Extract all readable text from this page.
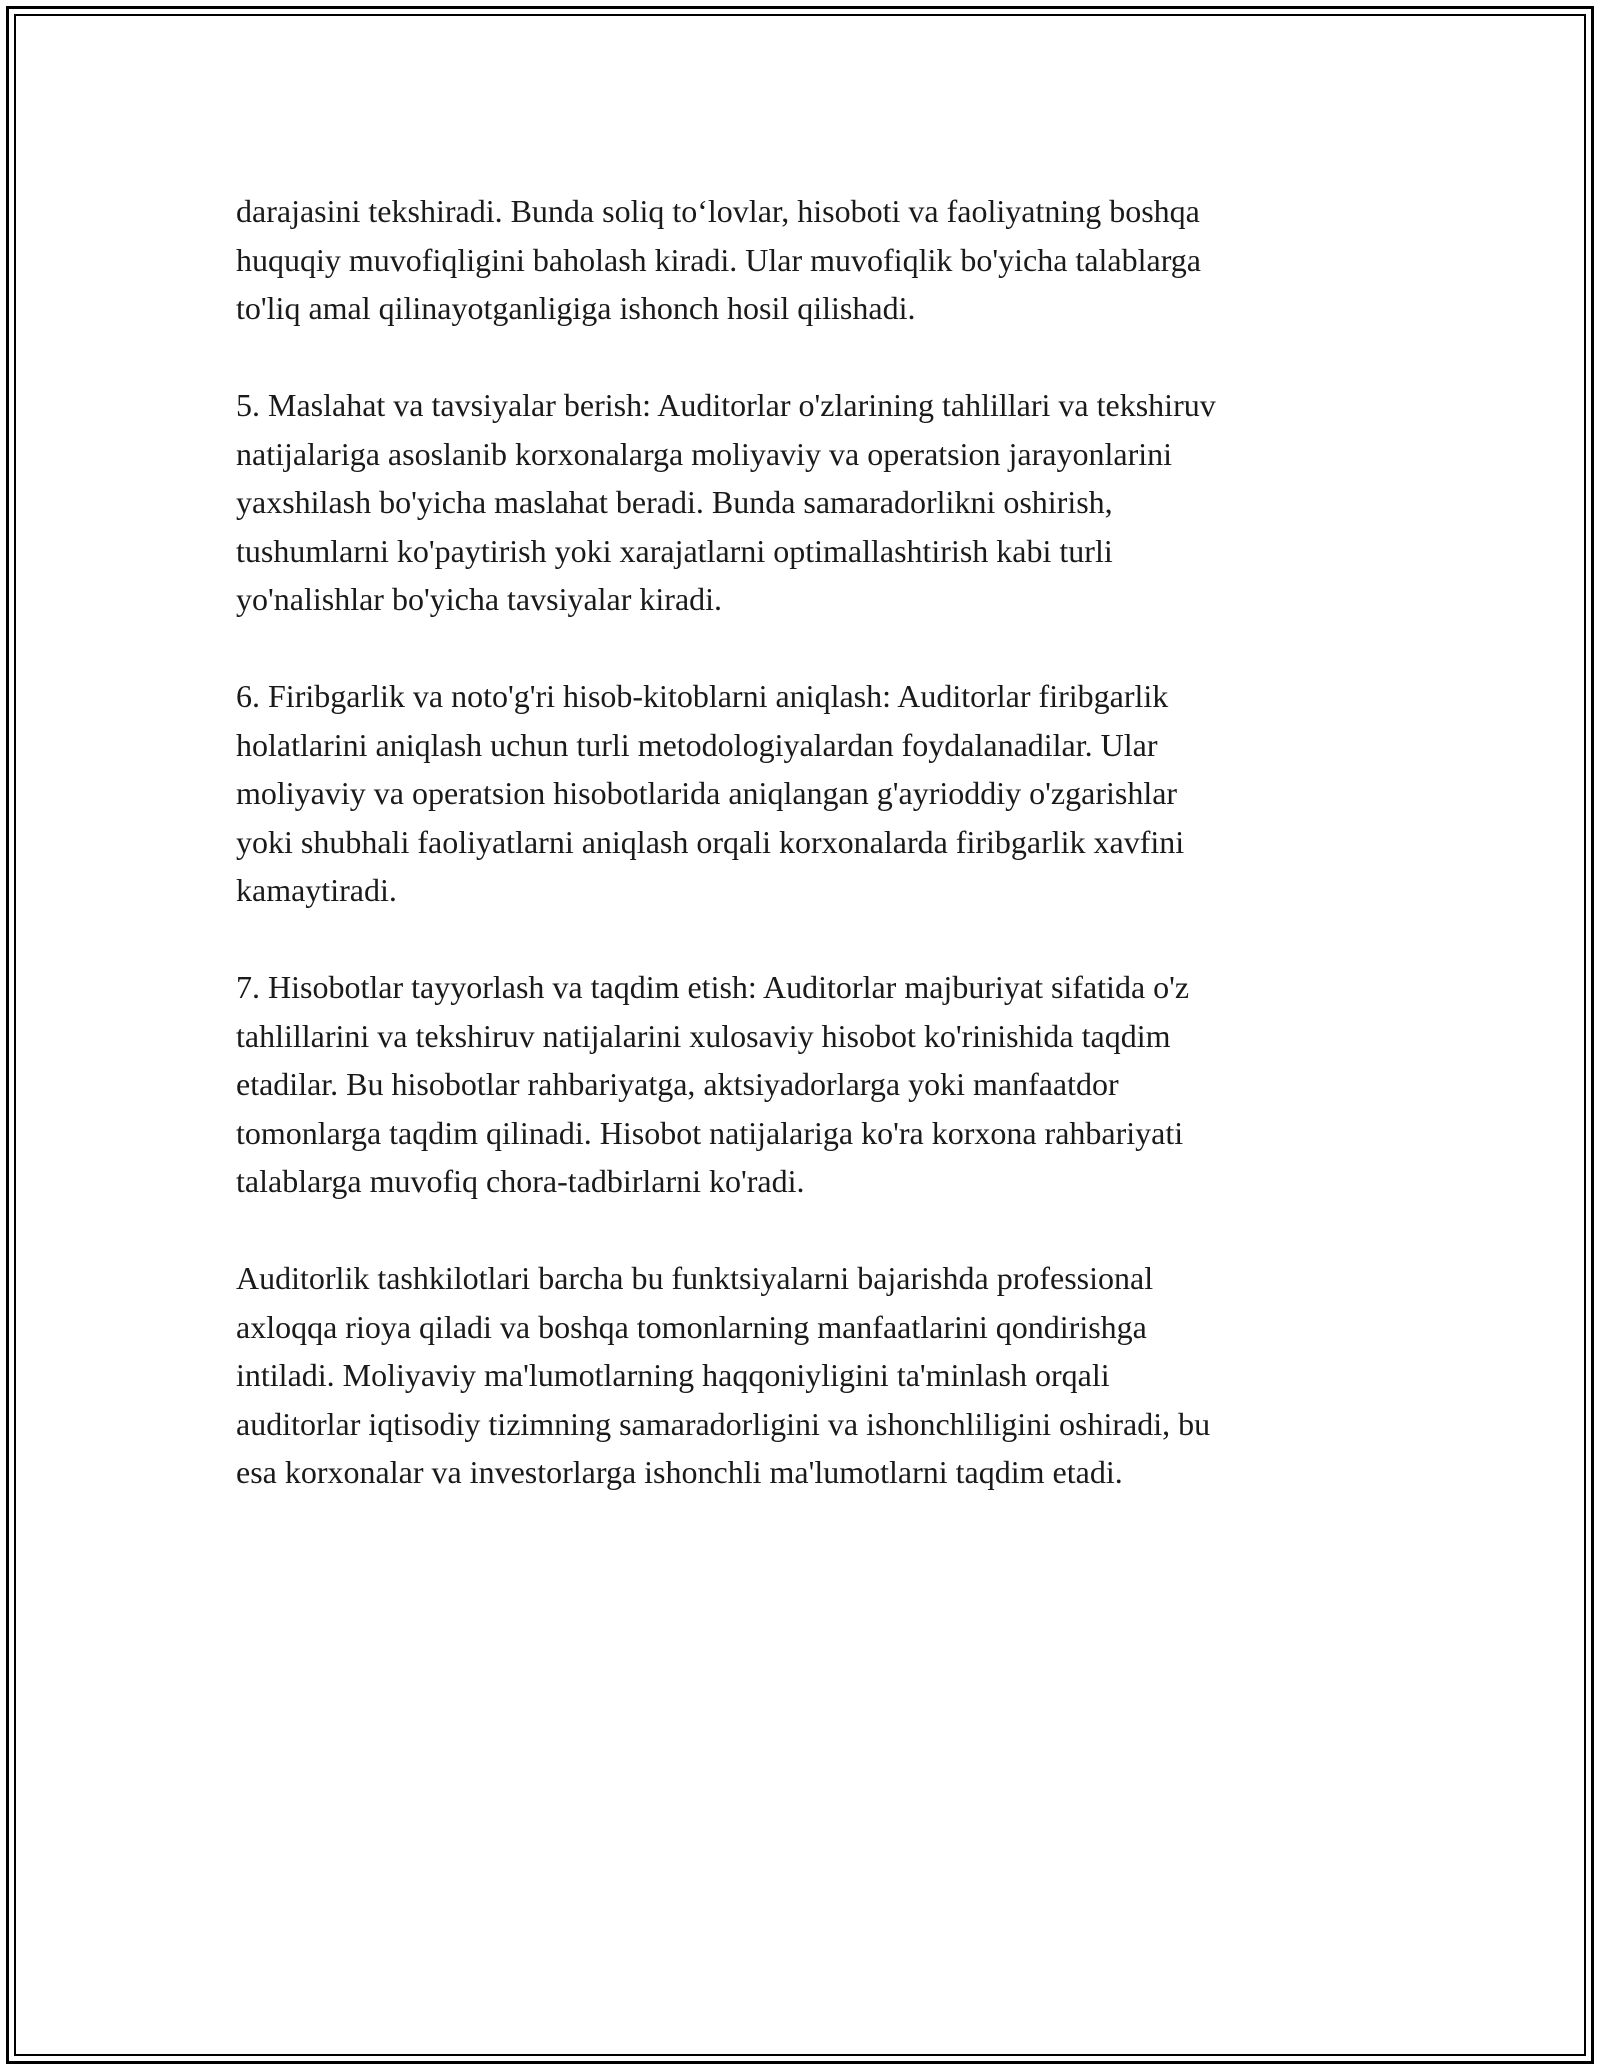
darajasini tekshiradi. Bunda soliq to‘lovlar, hisoboti va faoliyatning boshqa
huquqiy muvofiqligini baholash kiradi. Ular muvofiqlik bo'yicha talablarga
to'liq amal qilinayotganligiga ishonch hosil qilishadi.

5. Maslahat va tavsiyalar berish: Auditorlar o'zlarining tahlillari va tekshiruv
natijalariga asoslanib korxonalarga moliyaviy va operatsion jarayonlarini
yaxshilash bo'yicha maslahat beradi. Bunda samaradorlikni oshirish,
tushumlarni ko'paytirish yoki xarajatlarni optimallashtirish kabi turli
yo'nalishlar bo'yicha tavsiyalar kiradi.

6. Firibgarlik va noto'g'ri hisob-kitoblarni aniqlash: Auditorlar firibgarlik
holatlarini aniqlash uchun turli metodologiyalardan foydalanadilar. Ular
moliyaviy va operatsion hisobotlarida aniqlangan g'ayrioddiy o'zgarishlar
yoki shubhali faoliyatlarni aniqlash orqali korxonalarda firibgarlik xavfini
kamaytiradi.

7. Hisobotlar tayyorlash va taqdim etish: Auditorlar majburiyat sifatida o'z
tahlillarini va tekshiruv natijalarini xulosaviy hisobot ko'rinishida taqdim
etadilar. Bu hisobotlar rahbariyatga, aktsiyadorlarga yoki manfaatdor
tomonlarga taqdim qilinadi. Hisobot natijalariga ko'ra korxona rahbariyati
talablarga muvofiq chora-tadbirlarni ko'radi.

Auditorlik tashkilotlari barcha bu funktsiyalarni bajarishda professional
axloqqa rioya qiladi va boshqa tomonlarning manfaatlarini qondirishga
intiladi. Moliyaviy ma'lumotlarning haqqoniyligini ta'minlash orqali
auditorlar iqtisodiy tizimning samaradorligini va ishonchliligini oshiradi, bu
esa korxonalar va investorlarga ishonchli ma'lumotlarni taqdim etadi.
